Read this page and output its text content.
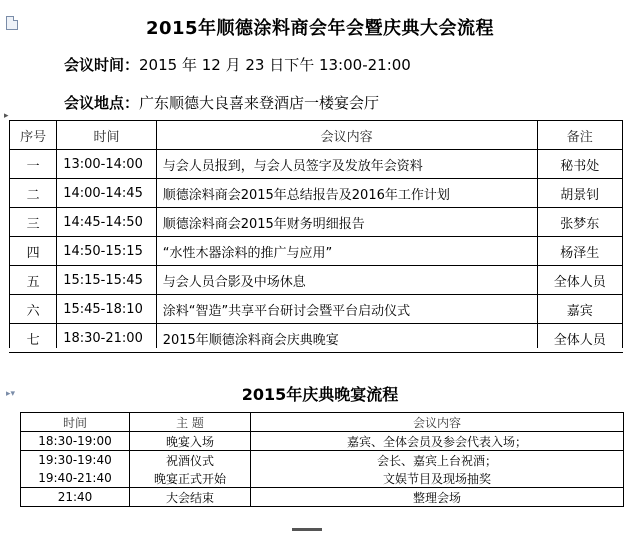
2015年顺德涂料商会年会暨庆典大会流程
会议时间：2015 年 12 月 23 日下午 13:00-21:00
会议地点：广东顺德大良喜来登酒店一楼宴会厅
▸
序号	时间	会议内容	备注
一	13:00-14:00	与会人员报到，与会人员签字及发放年会资料	秘书处
二	14:00-14:45	顺德涂料商会2015年总结报告及2016年工作计划	胡景钊
三	14:45-14:50	顺德涂料商会2015年财务明细报告	张梦东
四	14:50-15:15	“水性木器涂料的推广与应用”	杨泽生
五	15:15-15:45	与会人员合影及中场休息	全体人员
六	15:45-18:10	涂料“智造”共享平台研讨会暨平台启动仪式	嘉宾
七	18:30-21:00	2015年顺德涂料商会庆典晚宴	全体人员
▸▾	2015年庆典晚宴流程
时间	主 题	会议内容
18:30-19:00	晚宴入场	嘉宾、全体会员及参会代表入场；
19:30-19:40	祝酒仪式	会长、嘉宾上台祝酒；
19:40-21:40	晚宴正式开始	文娱节目及现场抽奖
21:40	大会结束	整理会场
